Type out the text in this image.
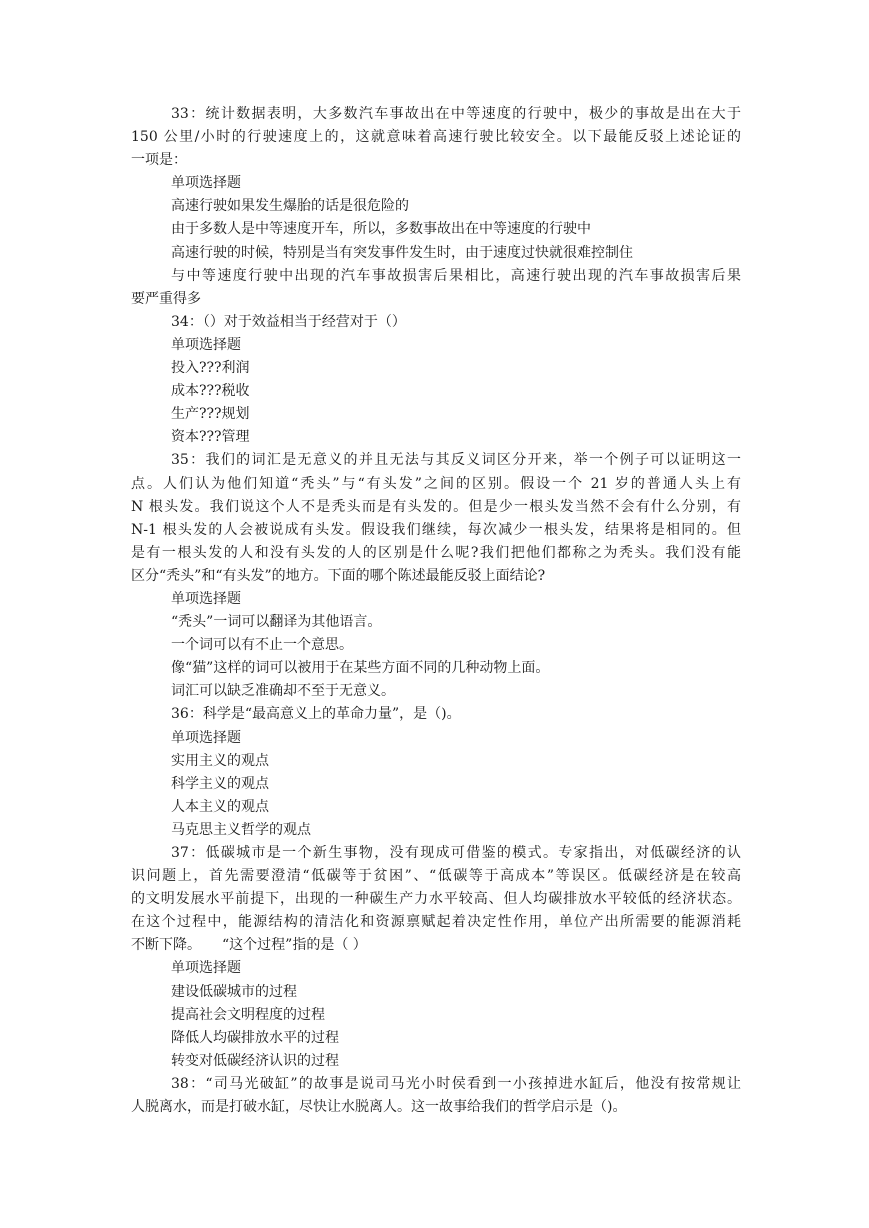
33：统计数据表明，大多数汽车事故出在中等速度的行驶中，极少的事故是出在大于
150 公里/小时的行驶速度上的，这就意味着高速行驶比较安全。以下最能反驳上述论证的
一项是：
单项选择题
高速行驶如果发生爆胎的话是很危险的
由于多数人是中等速度开车，所以，多数事故出在中等速度的行驶中
高速行驶的时候，特别是当有突发事件发生时，由于速度过快就很难控制住
与中等速度行驶中出现的汽车事故损害后果相比，高速行驶出现的汽车事故损害后果
要严重得多
34：（）对于效益相当于经营对于（）
单项选择题
投入???利润
成本???税收
生产???规划
资本???管理
35：我们的词汇是无意义的并且无法与其反义词区分开来，举一个例子可以证明这一
点。人们认为他们知道“秃头”与“有头发”之间的区别。假设一个 21 岁的普通人头上有
N 根头发。我们说这个人不是秃头而是有头发的。但是少一根头发当然不会有什么分别，有
N-1 根头发的人会被说成有头发。假设我们继续，每次减少一根头发，结果将是相同的。但
是有一根头发的人和没有头发的人的区别是什么呢?我们把他们都称之为秃头。我们没有能
区分“秃头”和“有头发”的地方。下面的哪个陈述最能反驳上面结论?
单项选择题
“秃头”一词可以翻译为其他语言。
一个词可以有不止一个意思。
像“猫”这样的词可以被用于在某些方面不同的几种动物上面。
词汇可以缺乏准确却不至于无意义。
36：科学是“最高意义上的革命力量”，是（)。
单项选择题
实用主义的观点
科学主义的观点
人本主义的观点
马克思主义哲学的观点
37：低碳城市是一个新生事物，没有现成可借鉴的模式。专家指出，对低碳经济的认
识问题上，首先需要澄清“低碳等于贫困”、“低碳等于高成本”等误区。低碳经济是在较高
的文明发展水平前提下，出现的一种碳生产力水平较高、但人均碳排放水平较低的经济状态。
在这个过程中，能源结构的清洁化和资源禀赋起着决定性作用，单位产出所需要的能源消耗
不断下降。　　“这个过程”指的是（ ）
单项选择题
建设低碳城市的过程
提高社会文明程度的过程
降低人均碳排放水平的过程
转变对低碳经济认识的过程
38：“司马光破缸”的故事是说司马光小时侯看到一小孩掉进水缸后，他没有按常规让
人脱离水，而是打破水缸，尽快让水脱离人。这一故事给我们的哲学启示是（)。
